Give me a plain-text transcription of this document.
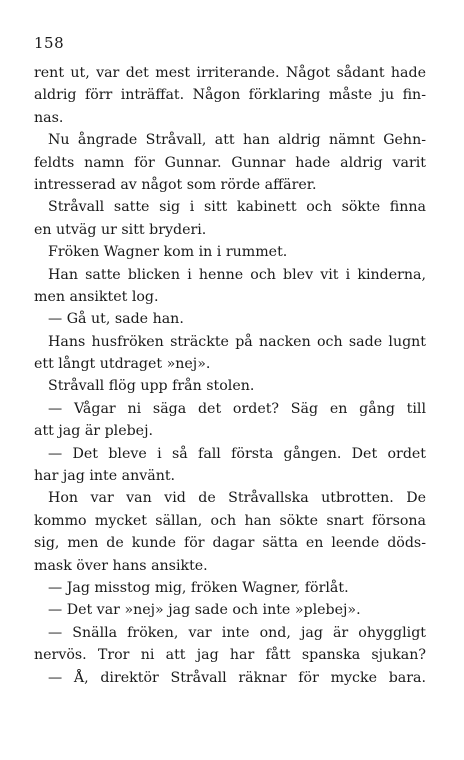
158
rent ut, var det mest irriterande. Något sådant hade
aldrig förr inträffat. Någon förklaring måste ju fin-
nas.
Nu ångrade Stråvall, att han aldrig nämnt Gehn-
feldts namn för Gunnar. Gunnar hade aldrig varit
intresserad av något som rörde affärer.
Stråvall satte sig i sitt kabinett och sökte finna
en utväg ur sitt bryderi.
Fröken Wagner kom in i rummet.
Han satte blicken i henne och blev vit i kinderna,
men ansiktet log.
— Gå ut, sade han.
Hans husfröken sträckte på nacken och sade lugnt
ett långt utdraget »nej».
Stråvall flög upp från stolen.
— Vågar ni säga det ordet? Säg en gång till
att jag är plebej.
— Det bleve i så fall första gången. Det ordet
har jag inte använt.
Hon var van vid de Stråvallska utbrotten. De
kommo mycket sällan, och han sökte snart försona
sig, men de kunde för dagar sätta en leende döds-
mask över hans ansikte.
— Jag misstog mig, fröken Wagner, förlåt.
— Det var »nej» jag sade och inte »plebej».
— Snälla fröken, var inte ond, jag är ohyggligt
nervös. Tror ni att jag har fått spanska sjukan?
— Å, direktör Stråvall räknar för mycke bara.
